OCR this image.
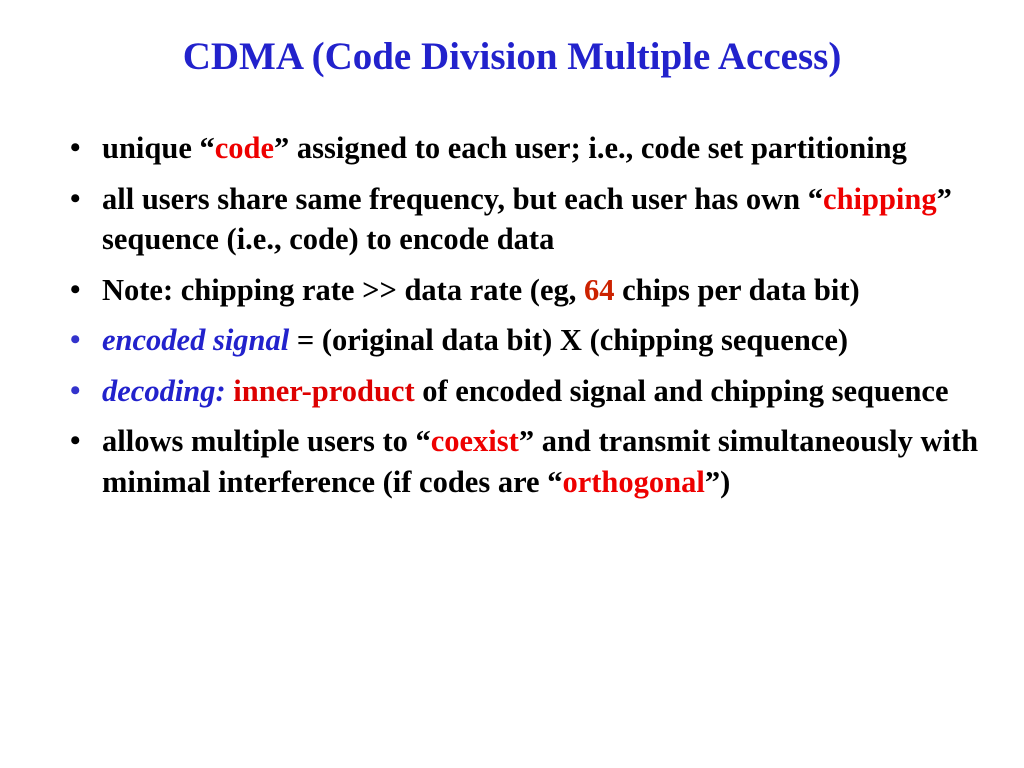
CDMA (Code Division Multiple Access)
• unique “code” assigned to each user; i.e., code set partitioning
• all users share same frequency, but each user has own “chipping” sequence (i.e., code) to encode data
• Note: chipping rate >> data rate (eg, 64 chips per data bit)
• encoded signal = (original data bit) X (chipping sequence)
• decoding: inner-product of encoded signal and chipping sequence
• allows multiple users to “coexist” and transmit simultaneously with minimal interference (if codes are “orthogonal”)
